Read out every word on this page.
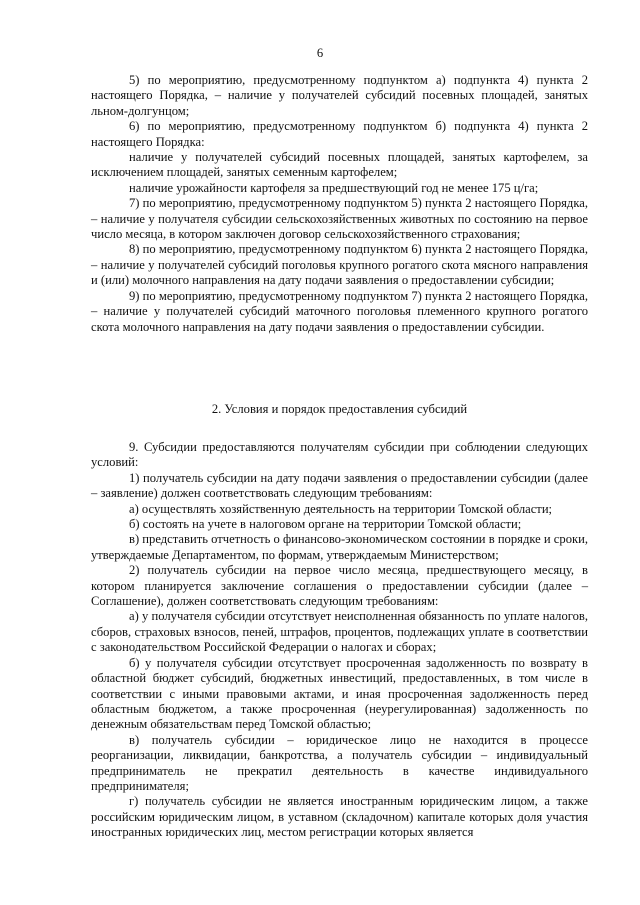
6

5) по мероприятию, предусмотренному подпунктом а) подпункта 4) пункта 2 настоящего Порядка, – наличие у получателей субсидий посевных площадей, занятых льном-долгунцом;

6) по мероприятию, предусмотренному подпунктом б) подпункта 4) пункта 2 настоящего Порядка:

наличие у получателей субсидий посевных площадей, занятых картофелем, за исключением площадей, занятых семенным картофелем;

наличие урожайности картофеля за предшествующий год не менее 175 ц/га;

7) по мероприятию, предусмотренному подпунктом 5) пункта 2 настоящего Порядка, – наличие у получателя субсидии сельскохозяйственных животных по состоянию на первое число месяца, в котором заключен договор сельскохозяйственного страхования;

8) по мероприятию, предусмотренному подпунктом 6) пункта 2 настоящего Порядка, – наличие у получателей субсидий поголовья крупного рогатого скота мясного направления и (или) молочного направления на дату подачи заявления о предоставлении субсидии;

9) по мероприятию, предусмотренному подпунктом 7) пункта 2 настоящего Порядка, – наличие у получателей субсидий маточного поголовья племенного крупного рогатого скота молочного направления на дату подачи заявления о предоставлении субсидии.

2. Условия и порядок предоставления субсидий

9. Субсидии предоставляются получателям субсидии при соблюдении следующих условий:

1) получатель субсидии на дату подачи заявления о предоставлении субсидии (далее – заявление) должен соответствовать следующим требованиям:

а) осуществлять хозяйственную деятельность на территории Томской области;

б) состоять на учете в налоговом органе на территории Томской области;

в) представить отчетность о финансово-экономическом состоянии в порядке и сроки, утверждаемые Департаментом, по формам, утверждаемым Министерством;

2) получатель субсидии на первое число месяца, предшествующего месяцу, в котором планируется заключение соглашения о предоставлении субсидии (далее – Соглашение), должен соответствовать следующим требованиям:

а) у получателя субсидии отсутствует неисполненная обязанность по уплате налогов, сборов, страховых взносов, пеней, штрафов, процентов, подлежащих уплате в соответствии с законодательством Российской Федерации о налогах и сборах;

б) у получателя субсидии отсутствует просроченная задолженность по возврату в областной бюджет субсидий, бюджетных инвестиций, предоставленных, в том числе в соответствии с иными правовыми актами, и иная просроченная задолженность перед областным бюджетом, а также просроченная (неурегулированная) задолженность по денежным обязательствам перед Томской областью;

в) получатель субсидии – юридическое лицо не находится в процессе реорганизации, ликвидации, банкротства, а получатель субсидии – индивидуальный предприниматель не прекратил деятельность в качестве индивидуального предпринимателя;

г) получатель субсидии не является иностранным юридическим лицом, а также российским юридическим лицом, в уставном (складочном) капитале которых доля участия иностранных юридических лиц, местом регистрации которых является
